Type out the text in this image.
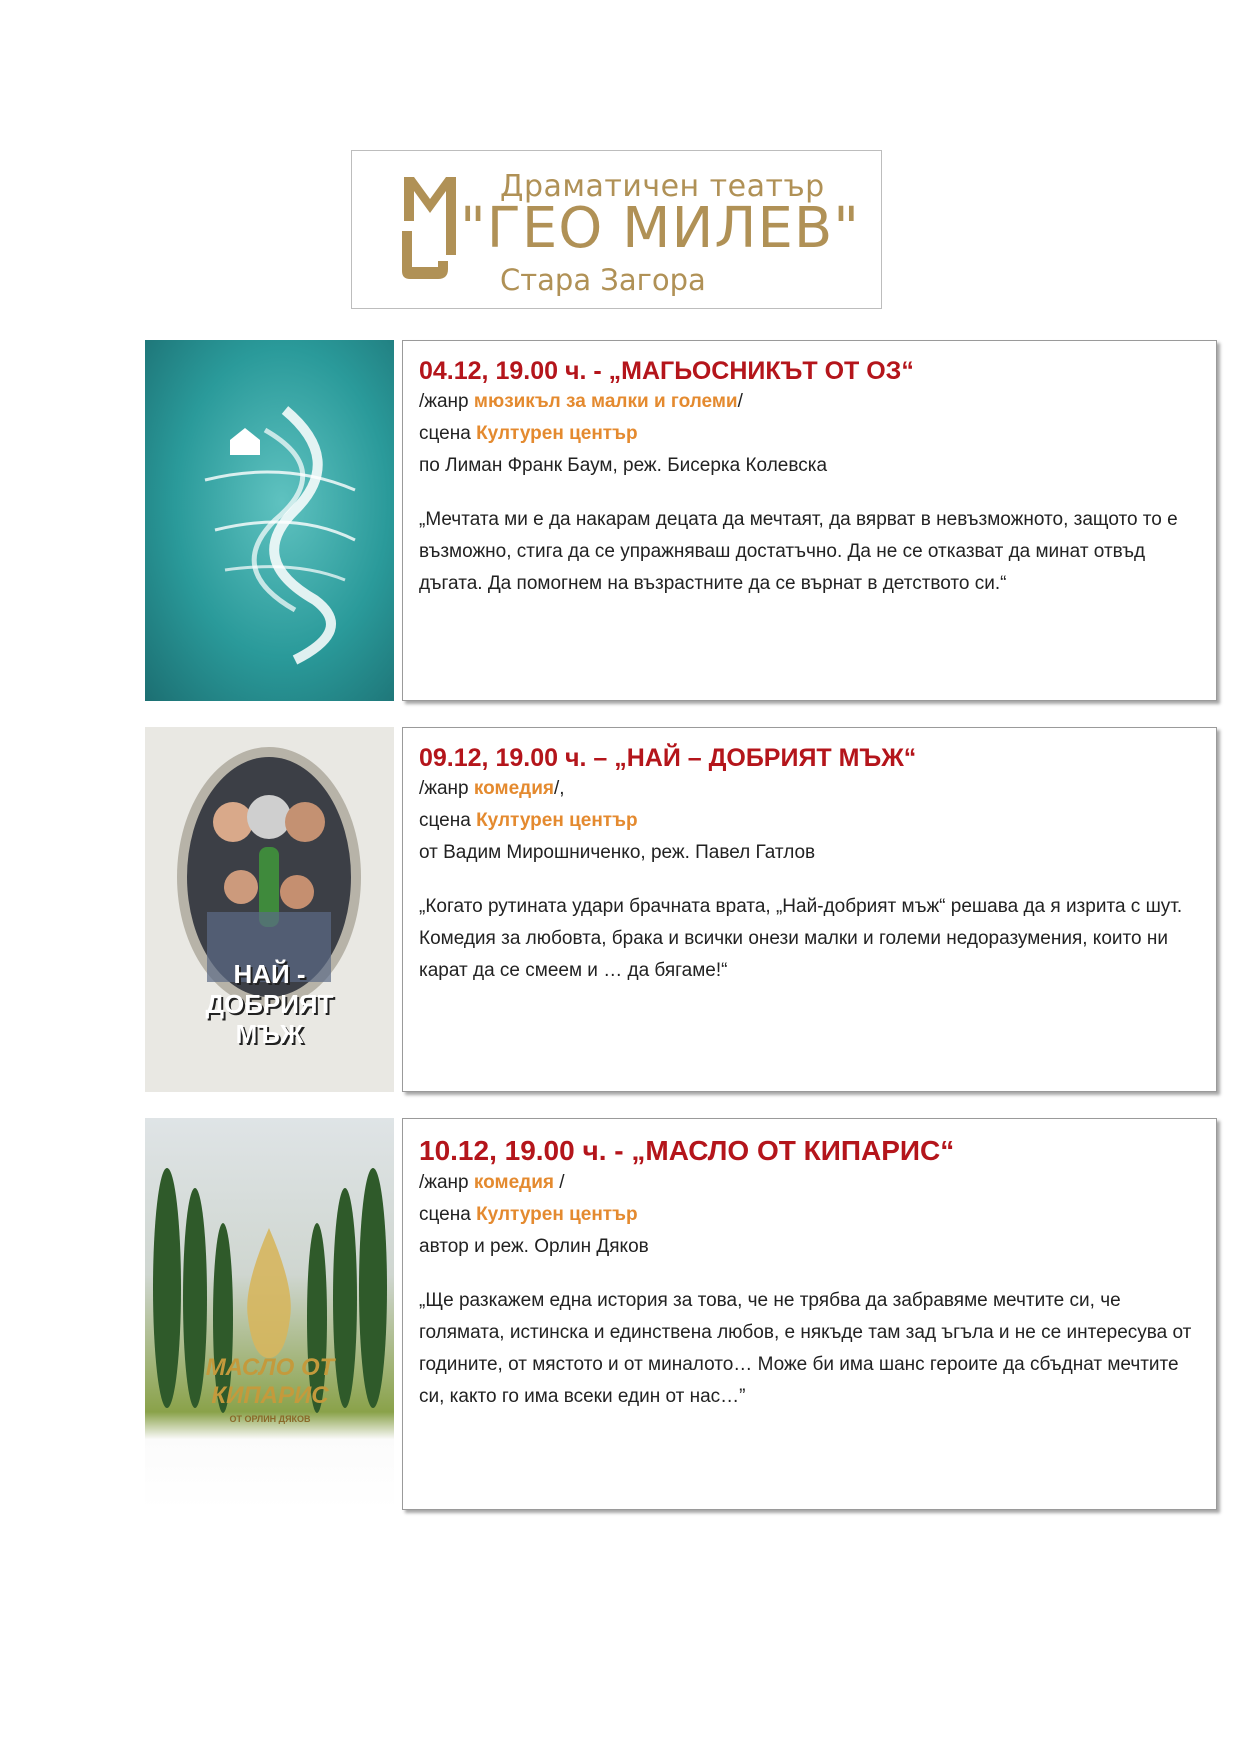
Драматичен театър
"ГЕО МИЛЕВ"
Стара Загора
04.12, 19.00 ч. - „МАГЬОСНИКЪТ ОТ ОЗ“

/жанр мюзикъл за малки и големи/

сцена Културен център

по Лиман Франк Баум, реж. Бисерка Колевска

„Мечтата ми е да накарам децата да мечтаят, да вярват в невъзможното, защото то е възможно, стига да се упражняваш достатъчно. Да не се отказват да минат отвъд дъгата. Да помогнем на възрастните да се върнат в детството си.“
НАЙ - ДОБРИЯТ МЪЖ
09.12, 19.00 ч. – „НАЙ – ДОБРИЯТ МЪЖ“

/жанр комедия/,

сцена Културен център

от Вадим Мирошниченко, реж. Павел Гатлов

„Когато рутината удари брачната врата, „Най-добрият мъж“ решава да я изрита с шут. Комедия за любовта, брака и всички онези малки и големи недоразумения, които ни карат да се смеем и … да бягаме!“
МАСЛО ОТ КИПАРИС
ОТ ОРЛИН ДЯКОВ
10.12, 19.00 ч. - „МАСЛО ОТ КИПАРИС“

/жанр комедия /

сцена Културен център

автор и реж. Орлин Дяков

„Ще разкажем една история за това, че не трябва да забравяме мечтите си, че голямата, истинска и единствена любов, е някъде там зад ъгъла и не се интересува от годините, от мястото и от миналото… Може би има шанс героите да сбъднат мечтите си, както го има всеки един от нас…”
